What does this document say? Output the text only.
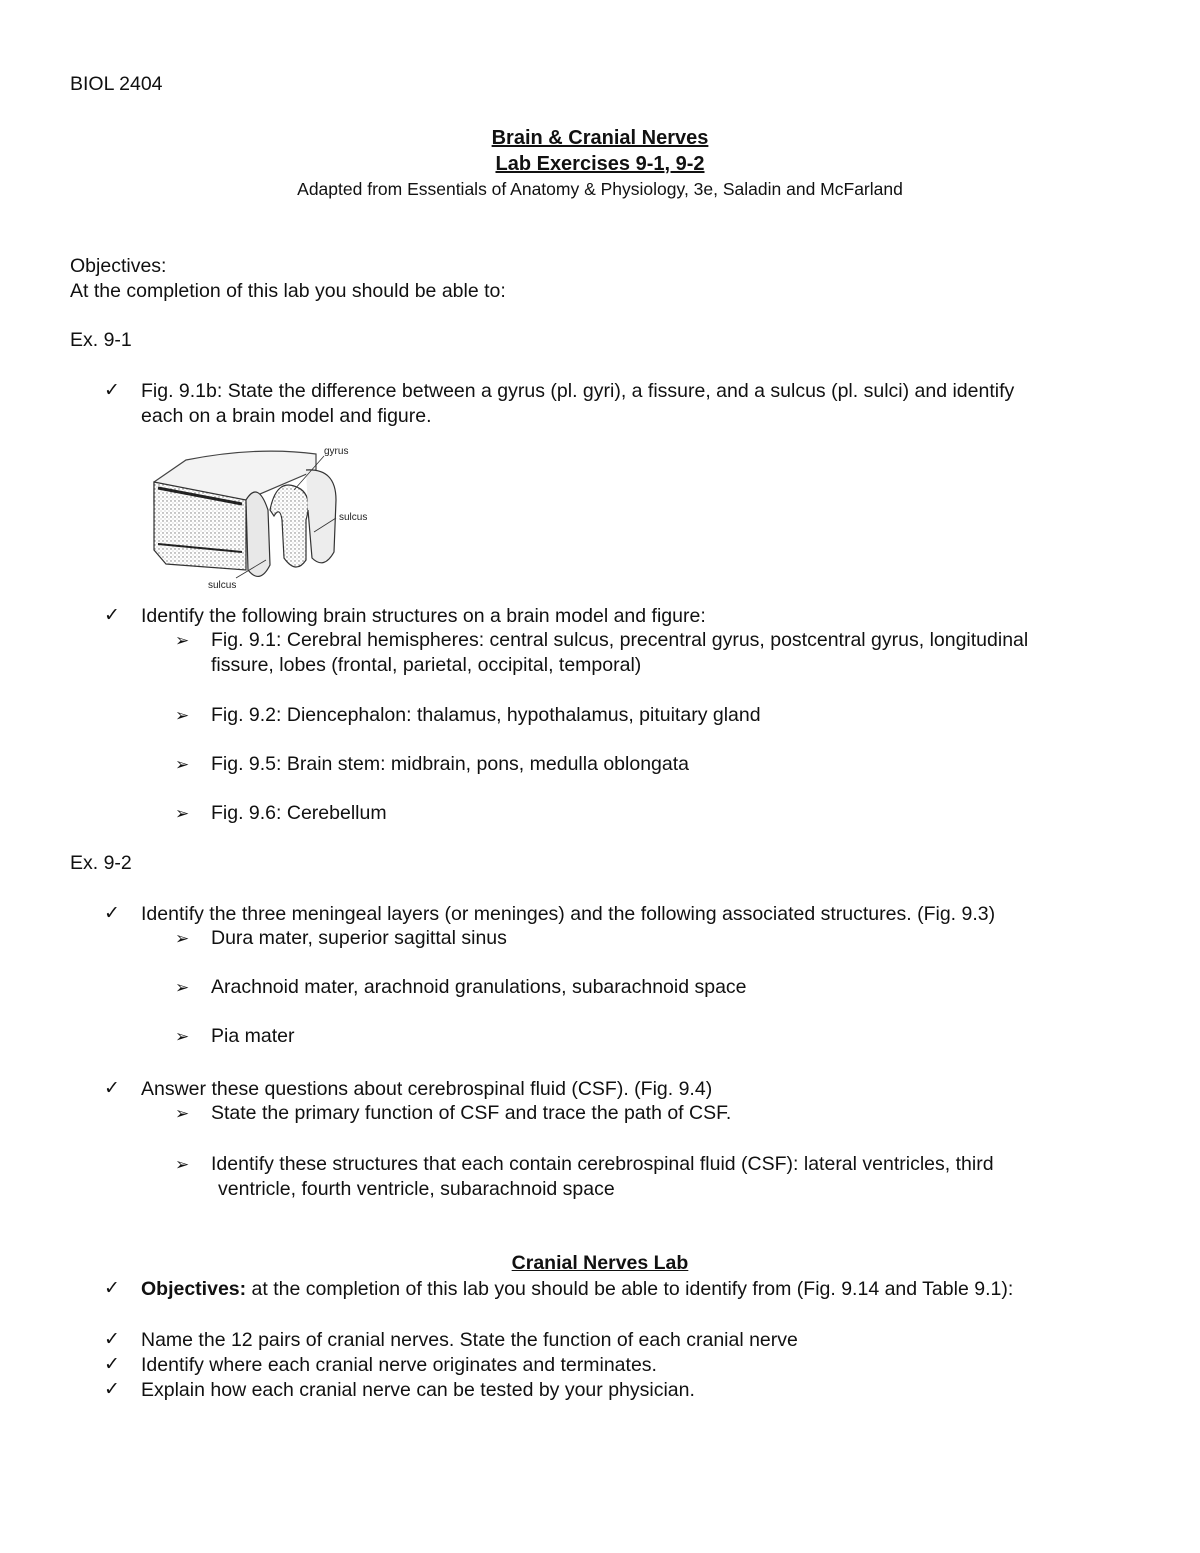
BIOL 2404
Brain & Cranial Nerves
Lab Exercises 9-1, 9-2
Adapted from Essentials of Anatomy & Physiology, 3e, Saladin and McFarland
Objectives:
At the completion of this lab you should be able to:
Ex. 9-1
✓ Fig. 9.1b: State the difference between a gyrus (pl. gyri), a fissure, and a sulcus (pl. sulci) and identify
each on a brain model and figure.
gyrus
sulcus
sulcus
✓ Identify the following brain structures on a brain model and figure:
➢ Fig. 9.1: Cerebral hemispheres: central sulcus, precentral gyrus, postcentral gyrus, longitudinal
fissure, lobes (frontal, parietal, occipital, temporal)
➢ Fig. 9.2: Diencephalon: thalamus, hypothalamus, pituitary gland
➢ Fig. 9.5: Brain stem: midbrain, pons, medulla oblongata
➢ Fig. 9.6: Cerebellum
Ex. 9-2
✓ Identify the three meningeal layers (or meninges) and the following associated structures. (Fig. 9.3)
➢ Dura mater, superior sagittal sinus
➢ Arachnoid mater, arachnoid granulations, subarachnoid space
➢ Pia mater
✓ Answer these questions about cerebrospinal fluid (CSF). (Fig. 9.4)
➢ State the primary function of CSF and trace the path of CSF.
➢ Identify these structures that each contain cerebrospinal fluid (CSF): lateral ventricles, third
ventricle, fourth ventricle, subarachnoid space
Cranial Nerves Lab
✓ Objectives: at the completion of this lab you should be able to identify from (Fig. 9.14 and Table 9.1):
✓ Name the 12 pairs of cranial nerves. State the function of each cranial nerve
✓ Identify where each cranial nerve originates and terminates.
✓ Explain how each cranial nerve can be tested by your physician.
